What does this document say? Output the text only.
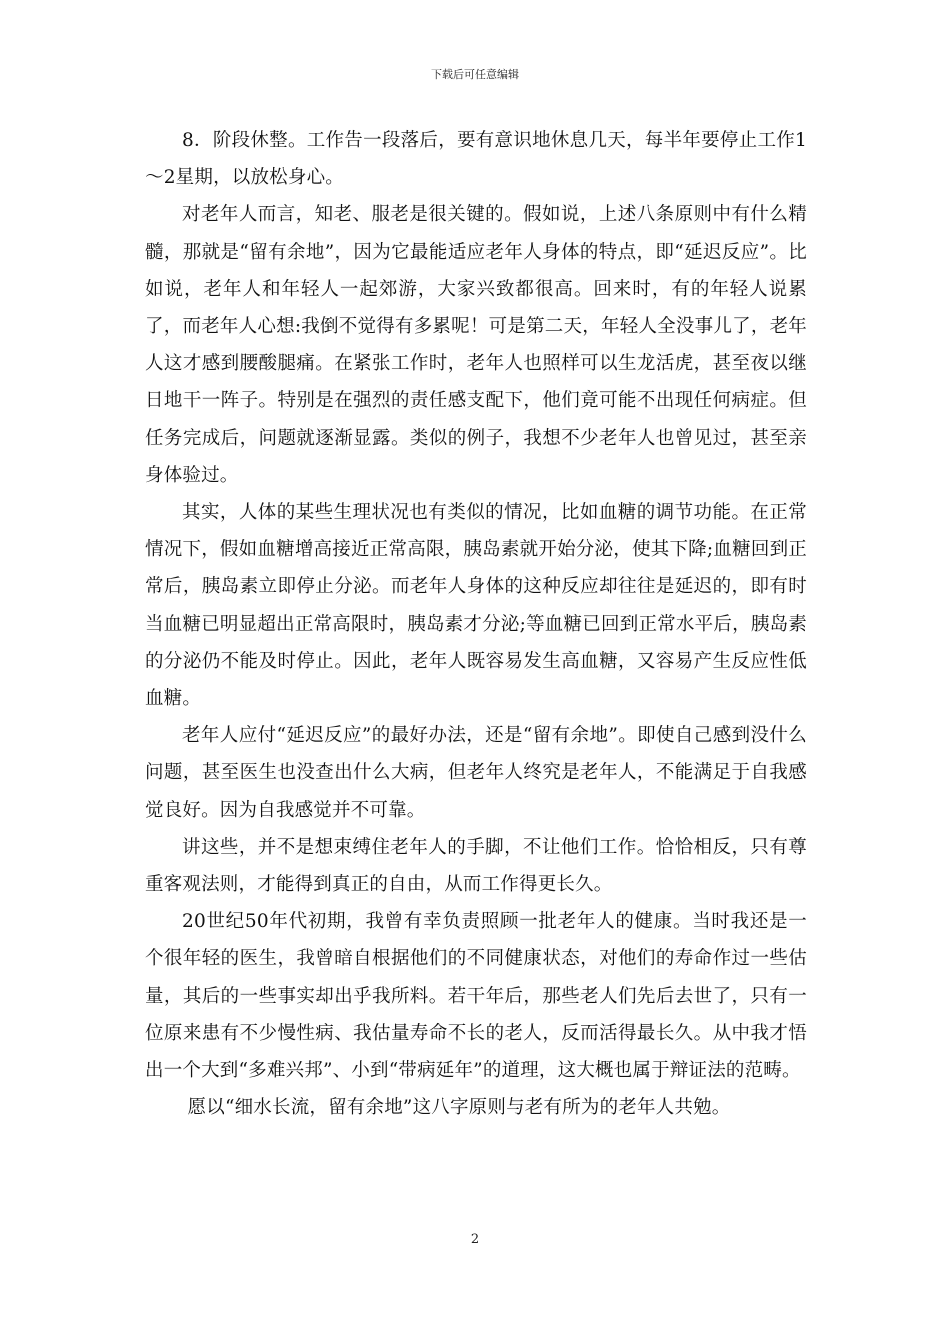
下载后可任意编辑

8．阶段休整。工作告一段落后，要有意识地休息几天，每半年要停止工作1～2星期，以放松身心。

对老年人而言，知老、服老是很关键的。假如说，上述八条原则中有什么精髓，那就是“留有余地”，因为它最能适应老年人身体的特点，即“延迟反应”。比如说，老年人和年轻人一起郊游，大家兴致都很高。回来时，有的年轻人说累了，而老年人心想:我倒不觉得有多累呢！可是第二天，年轻人全没事儿了，老年人这才感到腰酸腿痛。在紧张工作时，老年人也照样可以生龙活虎，甚至夜以继日地干一阵子。特别是在强烈的责任感支配下，他们竟可能不出现任何病症。但任务完成后，问题就逐渐显露。类似的例子，我想不少老年人也曾见过，甚至亲身体验过。

其实，人体的某些生理状况也有类似的情况，比如血糖的调节功能。在正常情况下，假如血糖增高接近正常高限，胰岛素就开始分泌，使其下降;血糖回到正常后，胰岛素立即停止分泌。而老年人身体的这种反应却往往是延迟的，即有时当血糖已明显超出正常高限时，胰岛素才分泌;等血糖已回到正常水平后，胰岛素的分泌仍不能及时停止。因此，老年人既容易发生高血糖，又容易产生反应性低血糖。

老年人应付“延迟反应”的最好办法，还是“留有余地”。即使自己感到没什么问题，甚至医生也没查出什么大病，但老年人终究是老年人，不能满足于自我感觉良好。因为自我感觉并不可靠。

讲这些，并不是想束缚住老年人的手脚，不让他们工作。恰恰相反，只有尊重客观法则，才能得到真正的自由，从而工作得更长久。

20世纪50年代初期，我曾有幸负责照顾一批老年人的健康。当时我还是一个很年轻的医生，我曾暗自根据他们的不同健康状态，对他们的寿命作过一些估量，其后的一些事实却出乎我所料。若干年后，那些老人们先后去世了，只有一位原来患有不少慢性病、我估量寿命不长的老人，反而活得最长久。从中我才悟出一个大到“多难兴邦”、小到“带病延年”的道理，这大概也属于辩证法的范畴。

愿以“细水长流，留有余地”这八字原则与老有所为的老年人共勉。

2
